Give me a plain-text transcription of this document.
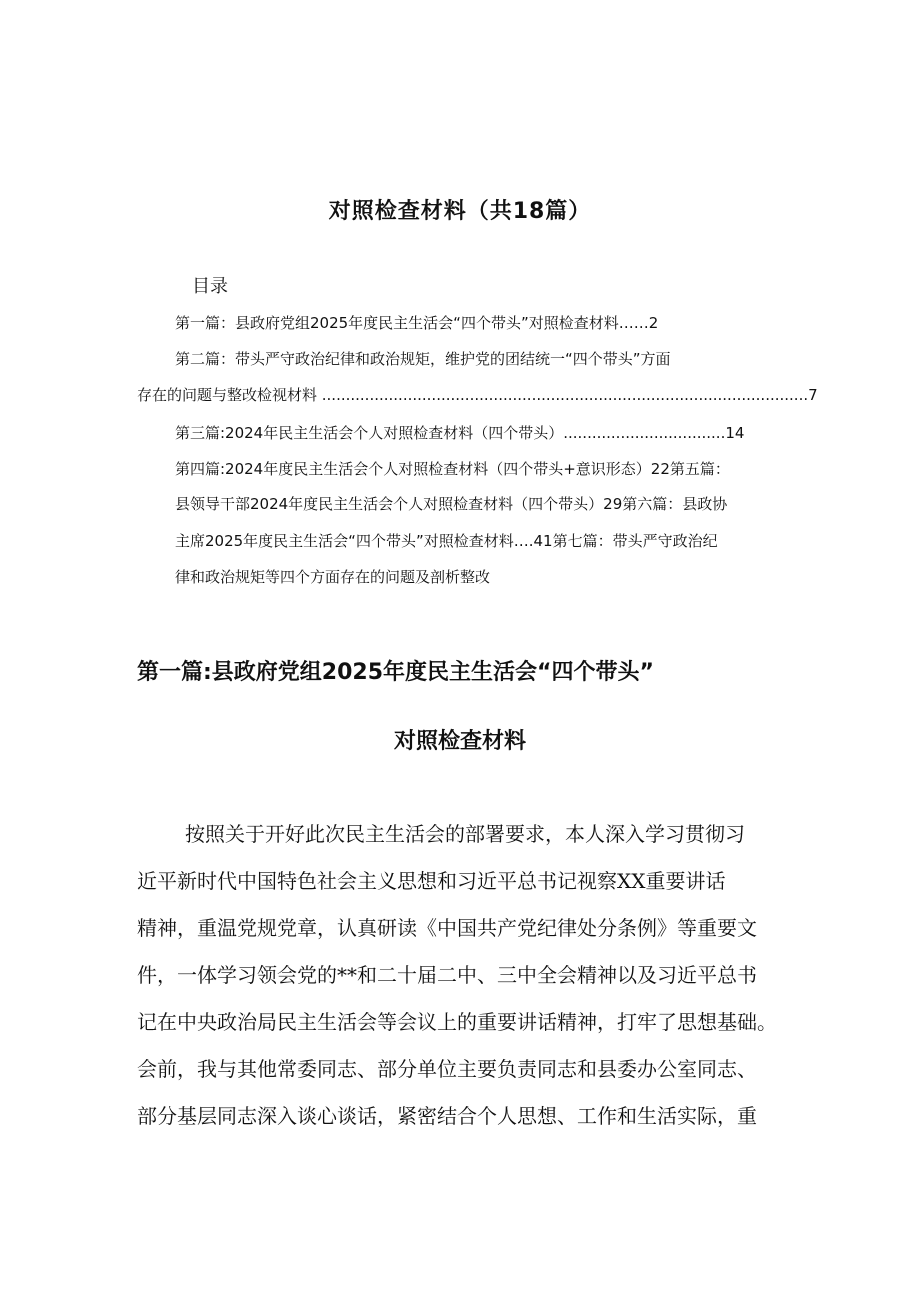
对照检查材料（共18篇）
目录
第一篇：县政府党组2025年度民主生活会“四个带头”对照检查材料……2
第二篇：带头严守政治纪律和政治规矩，维护党的团结统一“四个带头”方面
存在的问题与整改检视材料 ......................................................................................................7
第三篇:2024年民主生活会个人对照检查材料（四个带头）..................................14
第四篇:2024年度民主生活会个人对照检查材料（四个带头+意识形态）22第五篇：
县领导干部2024年度民主生活会个人对照检查材料（四个带头）29第六篇：县政协
主席2025年度民主生活会“四个带头”对照检查材料….41第七篇：带头严守政治纪
律和政治规矩等四个方面存在的问题及剖析整改
第一篇:县政府党组2025年度民主生活会“四个带头”
对照检查材料
按照关于开好此次民主生活会的部署要求，本人深入学习贯彻习
近平新时代中国特色社会主义思想和习近平总书记视察XX重要讲话
精神，重温党规党章，认真研读《中国共产党纪律处分条例》等重要文
件，一体学习领会党的**和二十届二中、三中全会精神以及习近平总书
记在中央政治局民主生活会等会议上的重要讲话精神，打牢了思想基础。
会前，我与其他常委同志、部分单位主要负责同志和县委办公室同志、
部分基层同志深入谈心谈话，紧密结合个人思想、工作和生活实际，重
